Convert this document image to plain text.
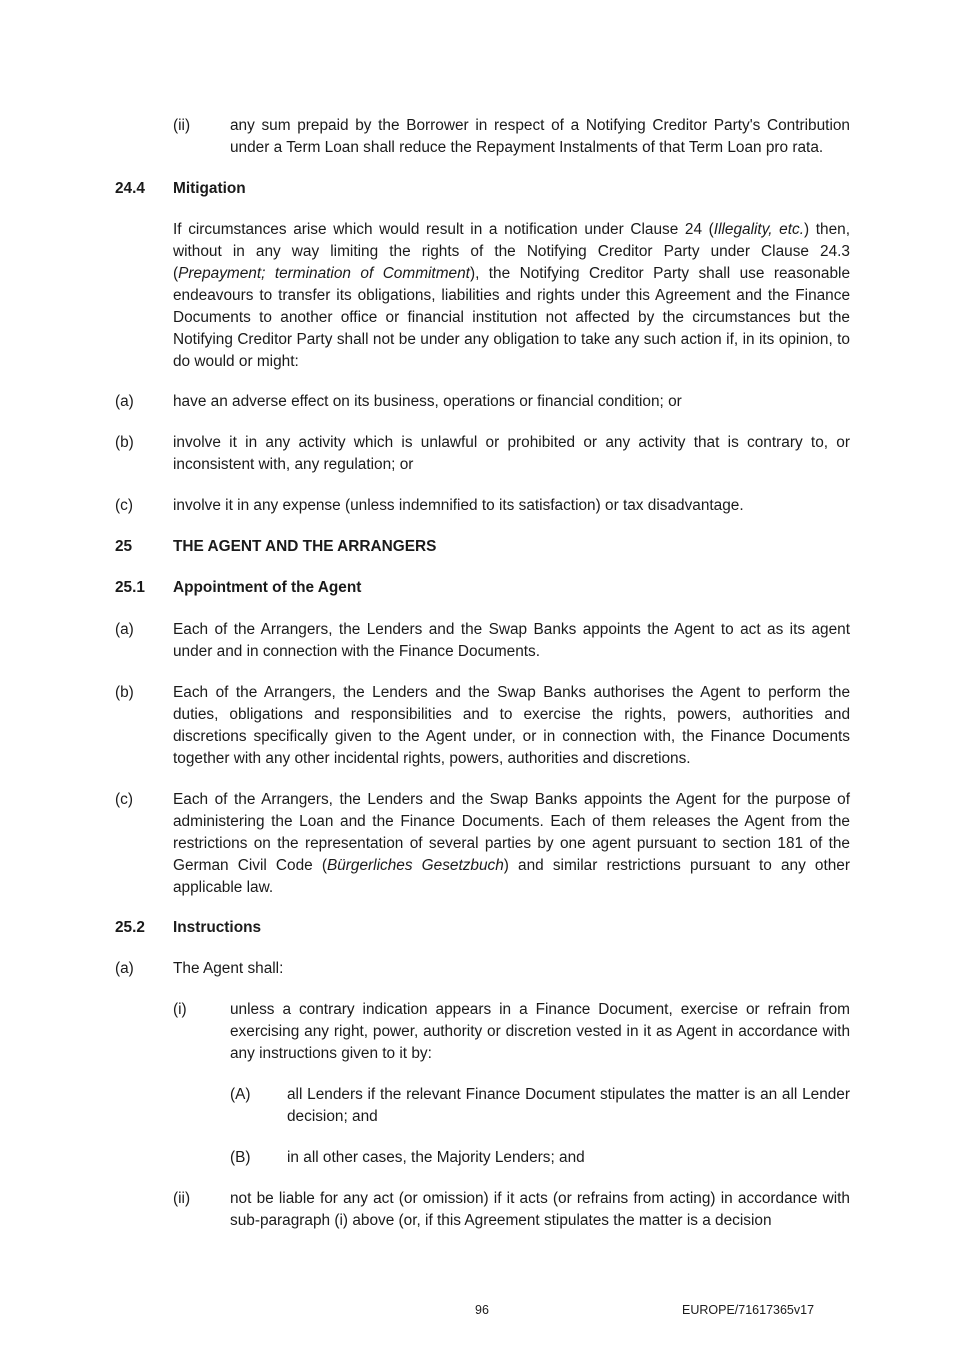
(ii)	any sum prepaid by the Borrower in respect of a Notifying Creditor Party's Contribution under a Term Loan shall reduce the Repayment Instalments of that Term Loan pro rata.
24.4 Mitigation
If circumstances arise which would result in a notification under Clause 24 (Illegality, etc.) then, without in any way limiting the rights of the Notifying Creditor Party under Clause 24.3 (Prepayment; termination of Commitment), the Notifying Creditor Party shall use reasonable endeavours to transfer its obligations, liabilities and rights under this Agreement and the Finance Documents to another office or financial institution not affected by the circumstances but the Notifying Creditor Party shall not be under any obligation to take any such action if, in its opinion, to do would or might:
(a)	have an adverse effect on its business, operations or financial condition; or
(b)	involve it in any activity which is unlawful or prohibited or any activity that is contrary to, or inconsistent with, any regulation; or
(c)	involve it in any expense (unless indemnified to its satisfaction) or tax disadvantage.
25	THE AGENT AND THE ARRANGERS
25.1 Appointment of the Agent
(a)	Each of the Arrangers, the Lenders and the Swap Banks appoints the Agent to act as its agent under and in connection with the Finance Documents.
(b)	Each of the Arrangers, the Lenders and the Swap Banks authorises the Agent to perform the duties, obligations and responsibilities and to exercise the rights, powers, authorities and discretions specifically given to the Agent under, or in connection with, the Finance Documents together with any other incidental rights, powers, authorities and discretions.
(c)	Each of the Arrangers, the Lenders and the Swap Banks appoints the Agent for the purpose of administering the Loan and the Finance Documents. Each of them releases the Agent from the restrictions on the representation of several parties by one agent pursuant to section 181 of the German Civil Code (Bürgerliches Gesetzbuch) and similar restrictions pursuant to any other applicable law.
25.2 Instructions
(a)	The Agent shall:
(i)	unless a contrary indication appears in a Finance Document, exercise or refrain from exercising any right, power, authority or discretion vested in it as Agent in accordance with any instructions given to it by:
(A) all Lenders if the relevant Finance Document stipulates the matter is an all Lender decision; and
(B) in all other cases, the Majority Lenders; and
(ii)	not be liable for any act (or omission) if it acts (or refrains from acting) in accordance with sub-paragraph (i) above (or, if this Agreement stipulates the matter is a decision
96	EUROPE/71617365v17
